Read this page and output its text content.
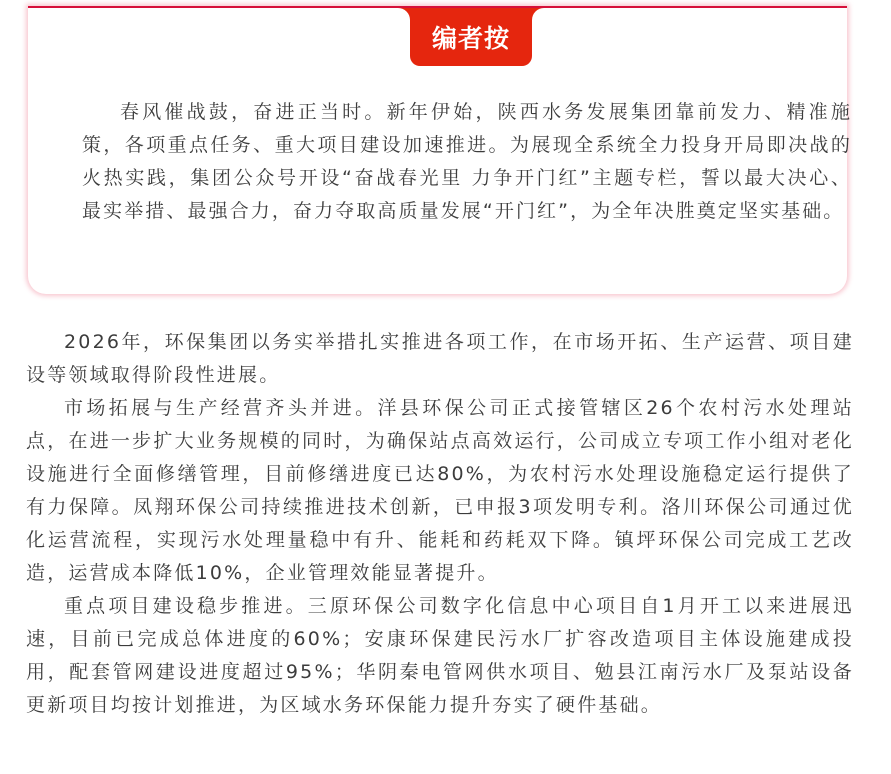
编者按

春风催战鼓，奋进正当时。新年伊始，陕西水务发展集团靠前发力、精准施策，各项重点任务、重大项目建设加速推进。为展现全系统全力投身开局即决战的火热实践，集团公众号开设“奋战春光里 力争开门红”主题专栏，誓以最大决心、最实举措、最强合力，奋力夺取高质量发展“开门红”，为全年决胜奠定坚实基础。

2026年，环保集团以务实举措扎实推进各项工作，在市场开拓、生产运营、项目建设等领域取得阶段性进展。

市场拓展与生产经营齐头并进。洋县环保公司正式接管辖区26个农村污水处理站点，在进一步扩大业务规模的同时，为确保站点高效运行，公司成立专项工作小组对老化设施进行全面修缮管理，目前修缮进度已达80%，为农村污水处理设施稳定运行提供了有力保障。凤翔环保公司持续推进技术创新，已申报3项发明专利。洛川环保公司通过优化运营流程，实现污水处理量稳中有升、能耗和药耗双下降。镇坪环保公司完成工艺改造，运营成本降低10%，企业管理效能显著提升。

重点项目建设稳步推进。三原环保公司数字化信息中心项目自1月开工以来进展迅速，目前已完成总体进度的60%；安康环保建民污水厂扩容改造项目主体设施建成投用，配套管网建设进度超过95%；华阴秦电管网供水项目、勉县江南污水厂及泵站设备更新项目均按计划推进，为区域水务环保能力提升夯实了硬件基础。
